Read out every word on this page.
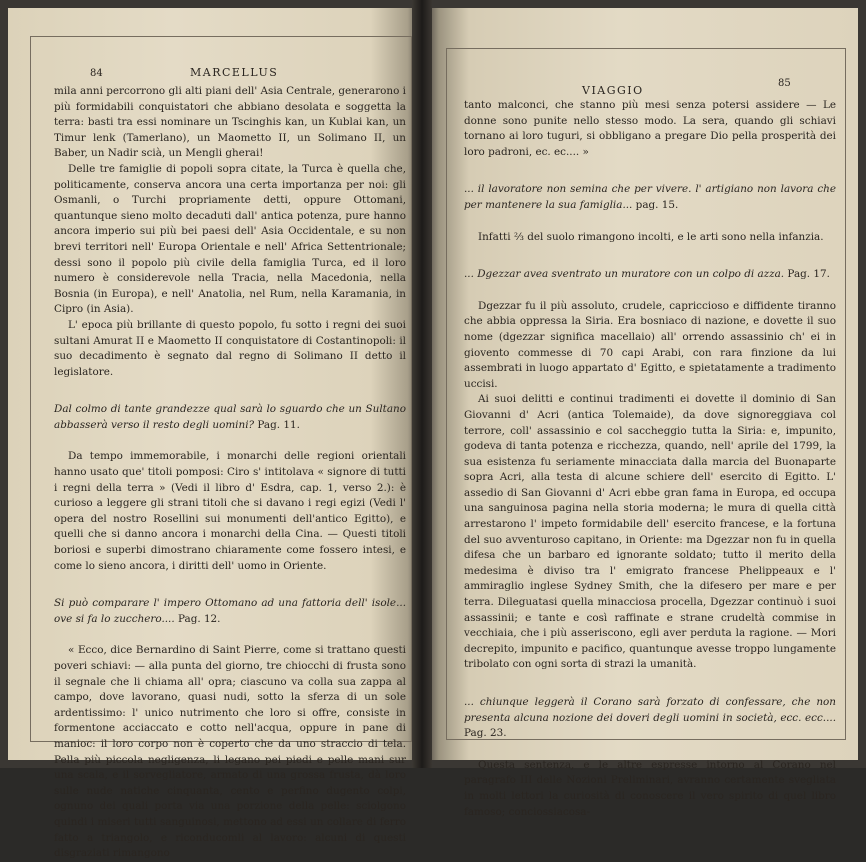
84	MARCELLUS

mila anni percorrono gli alti piani dell' Asia Centrale, generarono i più formidabili conquistatori che abbiano desolata e soggetta la terra: basti tra essi nominare un Tscinghis kan, un Kublai kan, un Timur lenk (Tamerlano), un Maometto II, un Solimano II, un Baber, un Nadir scià, un Mengli gherai!

Delle tre famiglie di popoli sopra citate, la Turca è quella che, politicamente, conserva ancora una certa importanza per noi: gli Osmanli, o Turchi propriamente detti, oppure Ottomani, quantunque sieno molto decaduti dall' antica potenza, pure hanno ancora imperio sui più bei paesi dell' Asia Occidentale, e su non brevi territori nell' Europa Orientale e nell' Africa Settentrionale; dessi sono il popolo più civile della famiglia Turca, ed il loro numero è considerevole nella Tracia, nella Macedonia, nella Bosnia (in Europa), e nell' Anatolia, nel Rum, nella Karamania, in Cipro (in Asia).

L' epoca più brillante di questo popolo, fu sotto i regni dei suoi sultani Amurat II e Maometto II conquistatore di Costantinopoli: il suo decadimento è segnato dal regno di Solimano II detto il legislatore.

Dal colmo di tante grandezze qual sarà lo sguardo che un Sultano abbasserà verso il resto degli uomini? Pag. 11.

Da tempo immemorabile, i monarchi delle regioni orientali hanno usato que' titoli pomposi: Ciro s' intitolava « signore di tutti i regni della terra » (Vedi il libro d' Esdra, cap. 1, verso 2.): è curioso a leggere gli strani titoli che si davano i regi egizi (Vedi l' opera del nostro Rosellini sui monumenti dell'antico Egitto), e quelli che si danno ancora i monarchi della Cina. — Questi titoli boriosi e superbi dimostrano chiaramente come fossero intesi, e come lo sieno ancora, i diritti dell' uomo in Oriente.

Si può comparare l' impero Ottomano ad una fattoria dell' isole... ove si fa lo zucchero.... Pag. 12.

« Ecco, dice Bernardino di Saint Pierre, come si trattano questi poveri schiavi: — alla punta del giorno, tre chiocchi di frusta sono il segnale che li chiama all' opra; ciascuno va colla sua zappa al campo, dove lavorano, quasi nudi, sotto la sferza di un sole ardentissimo: l' unico nutrimento che loro si offre, consiste in formentone acciaccato e cotto nell'acqua, oppure in pane di manioc: il loro corpo non è coperto che da uno straccio di tela. Pella più piccola negligenza, li legano pei piedi e pelle mani sur una scala, e il sorvegliatore, armato di una grossa frusta, dà loro sulle nude natiche cinquanta, cento e perfino dugento colpi, ognuno dei quali porta via una porzione della pelle: sciolgono quindi i miseri tutti sanguinosi, mettono ad essi un collare di ferro fatto a triangolo, e riconducomli al lavoro: alcuni di questi disgraziati rimangono

VIAGGIO
85

tanto malconci, che stanno più mesi senza potersi assidere — Le donne sono punite nello stesso modo. La sera, quando gli schiavi tornano ai loro tuguri, si obbligano a pregare Dio pella prosperità dei loro padroni, ec. ec.... »

... il lavoratore non semina che per vivere. l' artigiano non lavora che per mantenere la sua famiglia... pag. 15.

Infatti ⅔ del suolo rimangono incolti, e le arti sono nella infanzia.

... Dgezzar avea sventrato un muratore con un colpo di azza. Pag. 17.

Dgezzar fu il più assoluto, crudele, capriccioso e diffidente tiranno che abbia oppressa la Siria. Era bosniaco di nazione, e dovette il suo nome (dgezzar significa macellaio) all' orrendo assassinio ch' ei in giovento commesse di 70 capi Arabi, con rara finzione da lui assembrati in luogo appartato d' Egitto, e spietatamente a tradimento uccisi.

Ai suoi delitti e continui tradimenti ei dovette il dominio di San Giovanni d' Acri (antica Tolemaide), da dove signoreggiava col terrore, coll' assassinio e col saccheggio tutta la Siria: e, impunito, godeva di tanta potenza e ricchezza, quando, nell' aprile del 1799, la sua esistenza fu seriamente minacciata dalla marcia del Buonaparte sopra Acri, alla testa di alcune schiere dell' esercito di Egitto. L' assedio di San Giovanni d' Acri ebbe gran fama in Europa, ed occupa una sanguinosa pagina nella storia moderna; le mura di quella città arrestarono l' impeto formidabile dell' esercito francese, e la fortuna del suo avventuroso capitano, in Oriente: ma Dgezzar non fu in quella difesa che un barbaro ed ignorante soldato; tutto il merito della medesima è diviso tra l' emigrato francese Phelippeaux e l' ammiraglio inglese Sydney Smith, che la difesero per mare e per terra. Dileguatasi quella minacciosa procella, Dgezzar continuò i suoi assassinii; e tante e così raffinate e strane crudeltà commise in vecchiaia, che i più asseriscono, egli aver perduta la ragione. — Mori decrepito, impunito e pacifico, quantunque avesse troppo lungamente tribolato con ogni sorta di strazi la umanità.

... chiunque leggerà il Corano sarà forzato di confessare, che non presenta alcuna nozione dei doveri degli uomini in società, ecc. ecc.... Pag. 23.

Questa sentenza, e le altre espresse intorno al Corano nel paragrafo III delle Nozioni Preliminari, avranno certamente svegliata in molti lettori la curiosità di conoscere il vero spirito di quel libro famoso; conciossiacosa-
